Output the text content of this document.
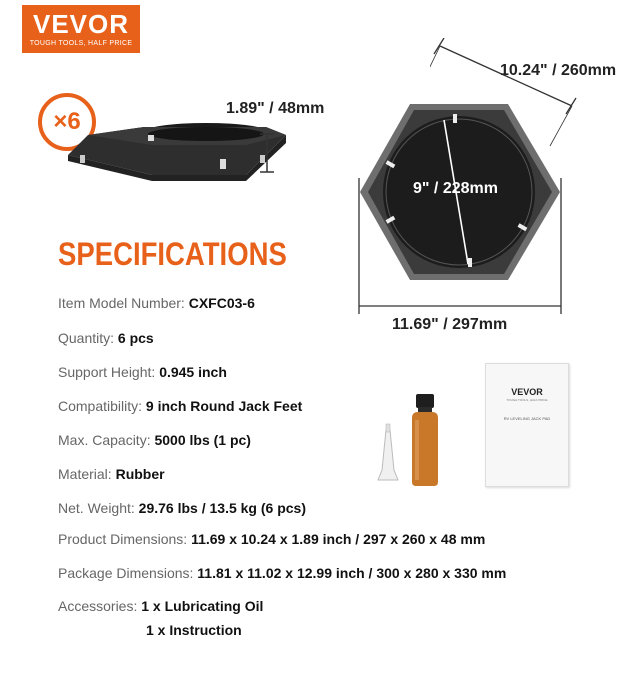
VEVOR
TOUGH TOOLS, HALF PRICE
×6	1.89" / 48mm
10.24" / 260mm
9" / 228mm
11.69" / 297mm
SPECIFICATIONS
Item Model Number: CXFC03-6
Quantity: 6 pcs
Support Height: 0.945 inch
Compatibility: 9 inch Round Jack Feet
Max. Capacity: 5000 lbs (1 pc)
Material: Rubber
Net. Weight: 29.76 lbs / 13.5 kg (6 pcs)
Product Dimensions: 11.69 x 10.24 x 1.89 inch / 297 x 260 x 48 mm
Package Dimensions: 11.81 x 11.02 x 12.99 inch / 300 x 280 x 330 mm
Accessories: 1 x Lubricating Oil
1 x Instruction
VEVOR
TOUGH TOOLS, HALF PRICE
RV LEVELING JACK PAD
